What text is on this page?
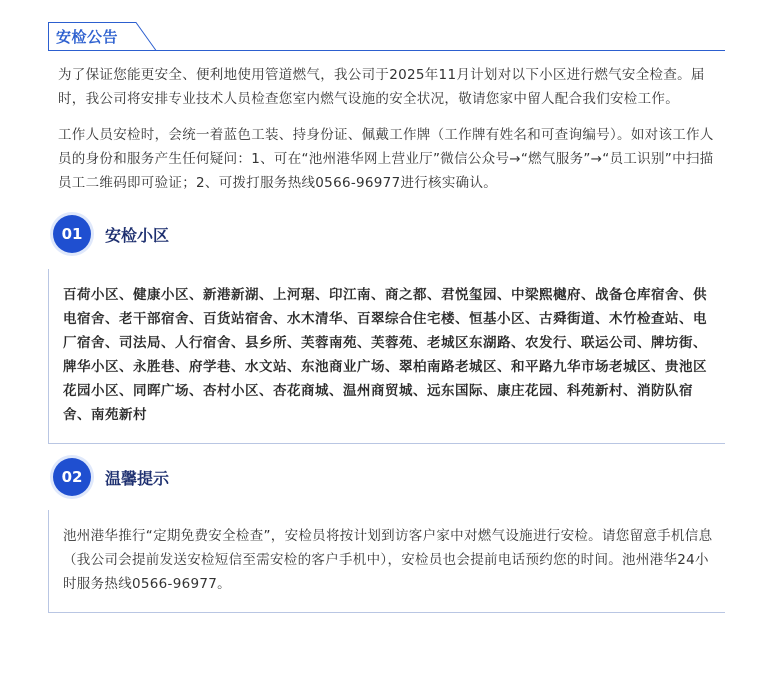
安检公告

为了保证您能更安全、便利地使用管道燃气，我公司于2025年11月计划对以下小区进行燃气安全检查。届时，我公司将安排专业技术人员检查您室内燃气设施的安全状况，敬请您家中留人配合我们安检工作。

工作人员安检时，会统一着蓝色工装、持身份证、佩戴工作牌（工作牌有姓名和可查询编号）。如对该工作人员的身份和服务产生任何疑问：1、可在“池州港华网上营业厅”微信公众号→“燃气服务”→“员工识别”中扫描员工二维码即可验证；2、可拨打服务热线0566-96977进行核实确认。

01	安检小区
百荷小区、健康小区、新港新湖、上河琚、印江南、商之都、君悦玺园、中梁熙樾府、战备仓库宿舍、供电宿舍、老干部宿舍、百货站宿舍、水木清华、百翠综合住宅楼、恒基小区、古舜街道、木竹检查站、电厂宿舍、司法局、人行宿舍、县乡所、芙蓉南苑、芙蓉苑、老城区东湖路、农发行、联运公司、牌坊街、牌华小区、永胜巷、府学巷、水文站、东池商业广场、翠柏南路老城区、和平路九华市场老城区、贵池区花园小区、同晖广场、杏村小区、杏花商城、温州商贸城、远东国际、康庄花园、科苑新村、消防队宿舍、南苑新村
02	温馨提示
池州港华推行“定期免费安全检查”，安检员将按计划到访客户家中对燃气设施进行安检。请您留意手机信息（我公司会提前发送安检短信至需安检的客户手机中），安检员也会提前电话预约您的时间。池州港华24小时服务热线0566-96977。
